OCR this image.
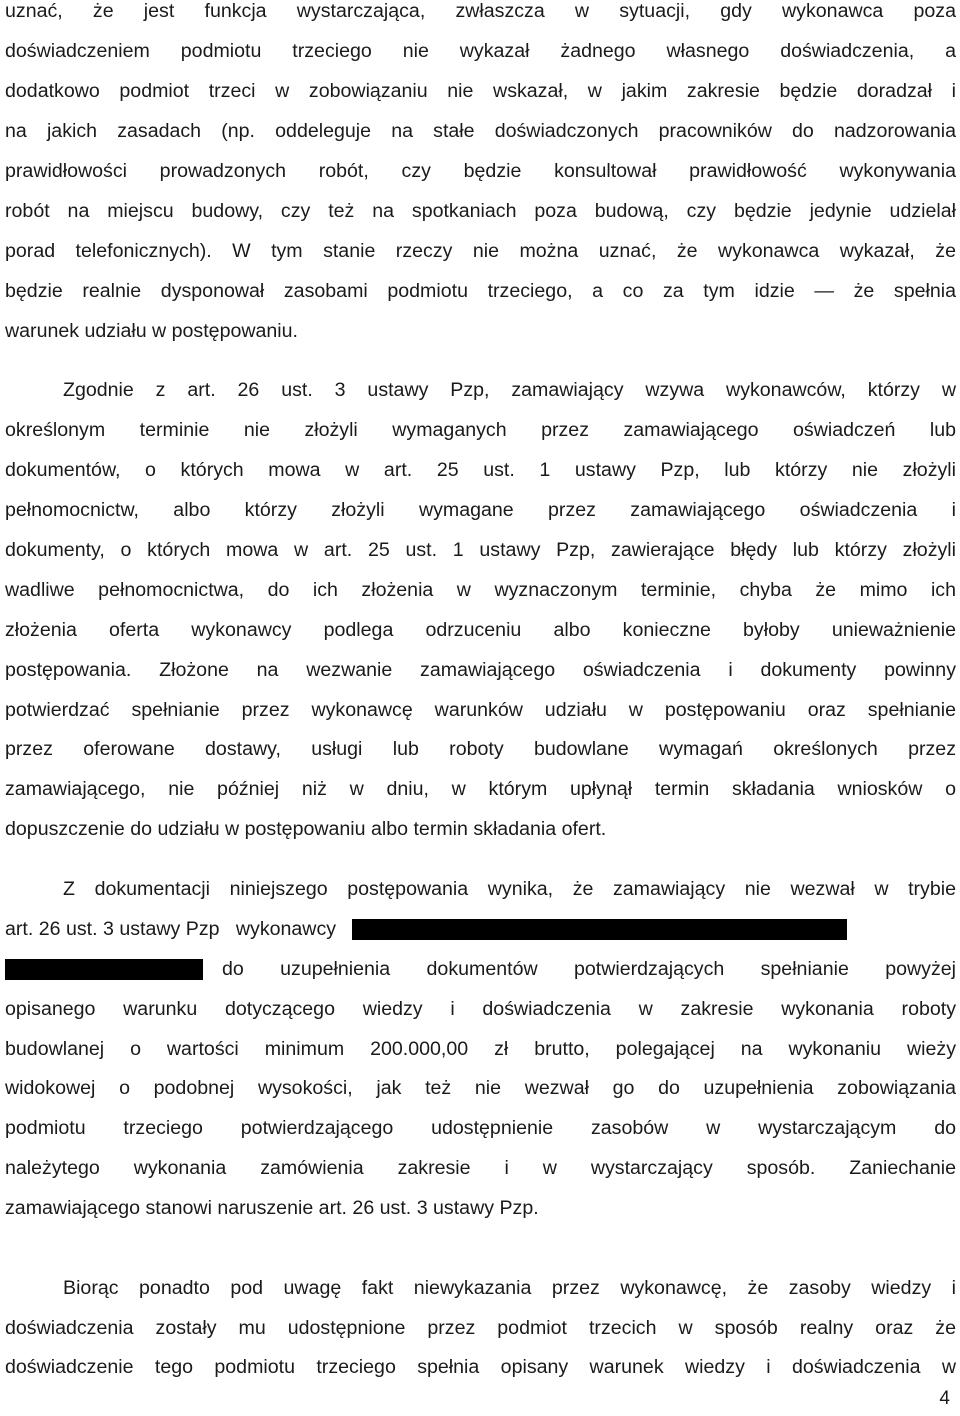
uznać, że jest funkcja wystarczająca, zwłaszcza w sytuacji, gdy wykonawca poza
doświadczeniem podmiotu trzeciego nie wykazał żadnego własnego doświadczenia, a
dodatkowo podmiot trzeci w zobowiązaniu nie wskazał, w jakim zakresie będzie doradzał i
na jakich zasadach (np. oddeleguje na stałe doświadczonych pracowników do nadzorowania
prawidłowości prowadzonych robót, czy będzie konsultował prawidłowość wykonywania
robót na miejscu budowy, czy też na spotkaniach poza budową, czy będzie jedynie udzielał
porad telefonicznych). W tym stanie rzeczy nie można uznać, że wykonawca wykazał, że
będzie realnie dysponował zasobami podmiotu trzeciego, a co za tym idzie — że spełnia
warunek udziału w postępowaniu.
Zgodnie z art. 26 ust. 3 ustawy Pzp, zamawiający wzywa wykonawców, którzy w
określonym terminie nie złożyli wymaganych przez zamawiającego oświadczeń lub
dokumentów, o których mowa w art. 25 ust. 1 ustawy Pzp, lub którzy nie złożyli
pełnomocnictw, albo którzy złożyli wymagane przez zamawiającego oświadczenia i
dokumenty, o których mowa w art. 25 ust. 1 ustawy Pzp, zawierające błędy lub którzy złożyli
wadliwe pełnomocnictwa, do ich złożenia w wyznaczonym terminie, chyba że mimo ich
złożenia oferta wykonawcy podlega odrzuceniu albo konieczne byłoby unieważnienie
postępowania. Złożone na wezwanie zamawiającego oświadczenia i dokumenty powinny
potwierdzać spełnianie przez wykonawcę warunków udziału w postępowaniu oraz spełnianie
przez oferowane dostawy, usługi lub roboty budowlane wymagań określonych przez
zamawiającego, nie później niż w dniu, w którym upłynął termin składania wniosków o
dopuszczenie do udziału w postępowaniu albo termin składania ofert.
Z dokumentacji niniejszego postępowania wynika, że zamawiający nie wezwał w trybie
art. 26 ust. 3 ustawy Pzp   wykonawcy
do uzupełnienia dokumentów potwierdzających spełnianie powyżej
opisanego warunku dotyczącego wiedzy i doświadczenia w zakresie wykonania roboty
budowlanej o wartości minimum 200.000,00 zł brutto, polegającej na wykonaniu wieży
widokowej o podobnej wysokości, jak też nie wezwał go do uzupełnienia zobowiązania
podmiotu trzeciego potwierdzającego udostępnienie zasobów w wystarczającym do
należytego wykonania zamówienia zakresie i w wystarczający sposób. Zaniechanie
zamawiającego stanowi naruszenie art. 26 ust. 3 ustawy Pzp.
Biorąc ponadto pod uwagę fakt niewykazania przez wykonawcę, że zasoby wiedzy i
doświadczenia zostały mu udostępnione przez podmiot trzecich w sposób realny oraz że
doświadczenie tego podmiotu trzeciego spełnia opisany warunek wiedzy i doświadczenia w
4
